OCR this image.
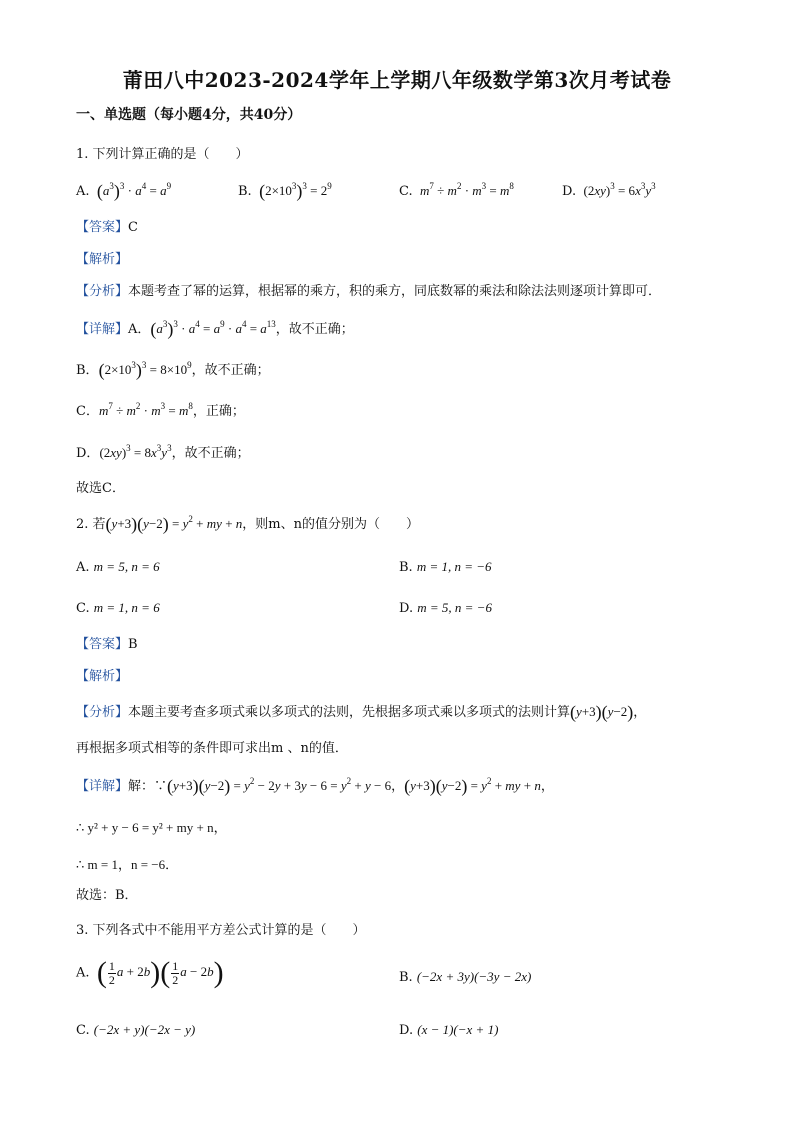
莆田八中2023-2024学年上学期八年级数学第3次月考试卷
一、单选题（每小题4分，共40分）
1. 下列计算正确的是（　　）
A. $(a^3)^3 \cdot a^4 = a^9$	B. $(2\times 10^3)^3 = 2^9$	C. $m^7 \div m^2 \cdot m^3 = m^8$	D.  $(2xy)^3 = 6x^3y^3$
【答案】C
【解析】
【分析】本题考查了幂的运算，根据幂的乘方，积的乘方，同底数幂的乘法和除法法则逐项计算即可．
【详解】A．$(a^3)^3 \cdot a^4 = a^9 \cdot a^4 = a^{13}$，故不正确；
B．$(2\times 10^3)^3 = 8\times 10^9$，故不正确；
C．$m^7 \div m^2 \cdot m^3 = m^8$，正确；
D．$(2xy)^3 = 8x^3y^3$，故不正确；
故选C．
2. 若$(y+3)(y-2) = y^2$ + my + n，则m、n的值分别为（　　）
A. m = 5, n = 6	B. m = 1, n = −6
C. m = 1, n = 6	D. m = 5, n = −6
【答案】B
【解析】
【分析】本题主要考查多项式乘以多项式的法则，先根据多项式乘以多项式的法则计算(y+3)(y−2)，
再根据多项式相等的条件即可求出m 、n的值．
【详解】解：∵(y+3)(y−2) = $y^2 - 2y + 3y - 6 = y^2 + y - 6$，$(y+3)(y-2) = y^2$ + my + n，
∴ y² + y − 6 = y² + my + n，
∴ m = 1，n = −6．
故选：B．
3. 下列各式中不能用平方差公式计算的是（　　）
A. ( $\frac{1}{2}$ $a + 2b)( \frac{1}{2}$ a − 2b)	B. (−2x + 3y)(−3y − 2x)
C. (−2x + y)(−2x − y)	D. (x − 1)(−x + 1)
